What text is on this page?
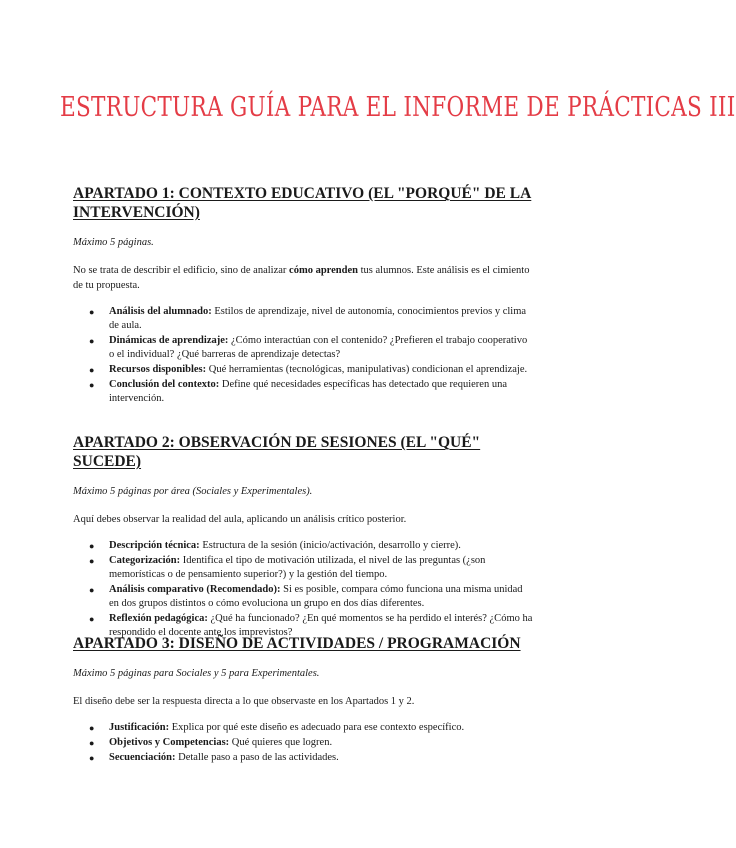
ESTRUCTURA GUÍA PARA EL INFORME DE PRÁCTICAS III
APARTADO 1: CONTEXTO EDUCATIVO (EL "PORQUÉ" DE LA INTERVENCIÓN)

Máximo 5 páginas.

No se trata de describir el edificio, sino de analizar cómo aprenden tus alumnos. Este análisis es el cimiento de tu propuesta.

● Análisis del alumnado: Estilos de aprendizaje, nivel de autonomía, conocimientos previos y clima de aula.
● Dinámicas de aprendizaje: ¿Cómo interactúan con el contenido? ¿Prefieren el trabajo cooperativo o el individual? ¿Qué barreras de aprendizaje detectas?
● Recursos disponibles: Qué herramientas (tecnológicas, manipulativas) condicionan el aprendizaje.
● Conclusión del contexto: Define qué necesidades específicas has detectado que requieren una intervención.
APARTADO 2: OBSERVACIÓN DE SESIONES (EL "QUÉ" SUCEDE)

Máximo 5 páginas por área (Sociales y Experimentales).

Aquí debes observar la realidad del aula, aplicando un análisis crítico posterior.

● Descripción técnica: Estructura de la sesión (inicio/activación, desarrollo y cierre).
● Categorización: Identifica el tipo de motivación utilizada, el nivel de las preguntas (¿son memorísticas o de pensamiento superior?) y la gestión del tiempo.
● Análisis comparativo (Recomendado): Si es posible, compara cómo funciona una misma unidad en dos grupos distintos o cómo evoluciona un grupo en dos días diferentes.
● Reflexión pedagógica: ¿Qué ha funcionado? ¿En qué momentos se ha perdido el interés? ¿Cómo ha respondido el docente ante los imprevistos?
APARTADO 3: DISEÑO DE ACTIVIDADES / PROGRAMACIÓN

Máximo 5 páginas para Sociales y 5 para Experimentales.

El diseño debe ser la respuesta directa a lo que observaste en los Apartados 1 y 2.

● Justificación: Explica por qué este diseño es adecuado para ese contexto específico.
● Objetivos y Competencias: Qué quieres que logren.
● Secuenciación: Detalle paso a paso de las actividades.
